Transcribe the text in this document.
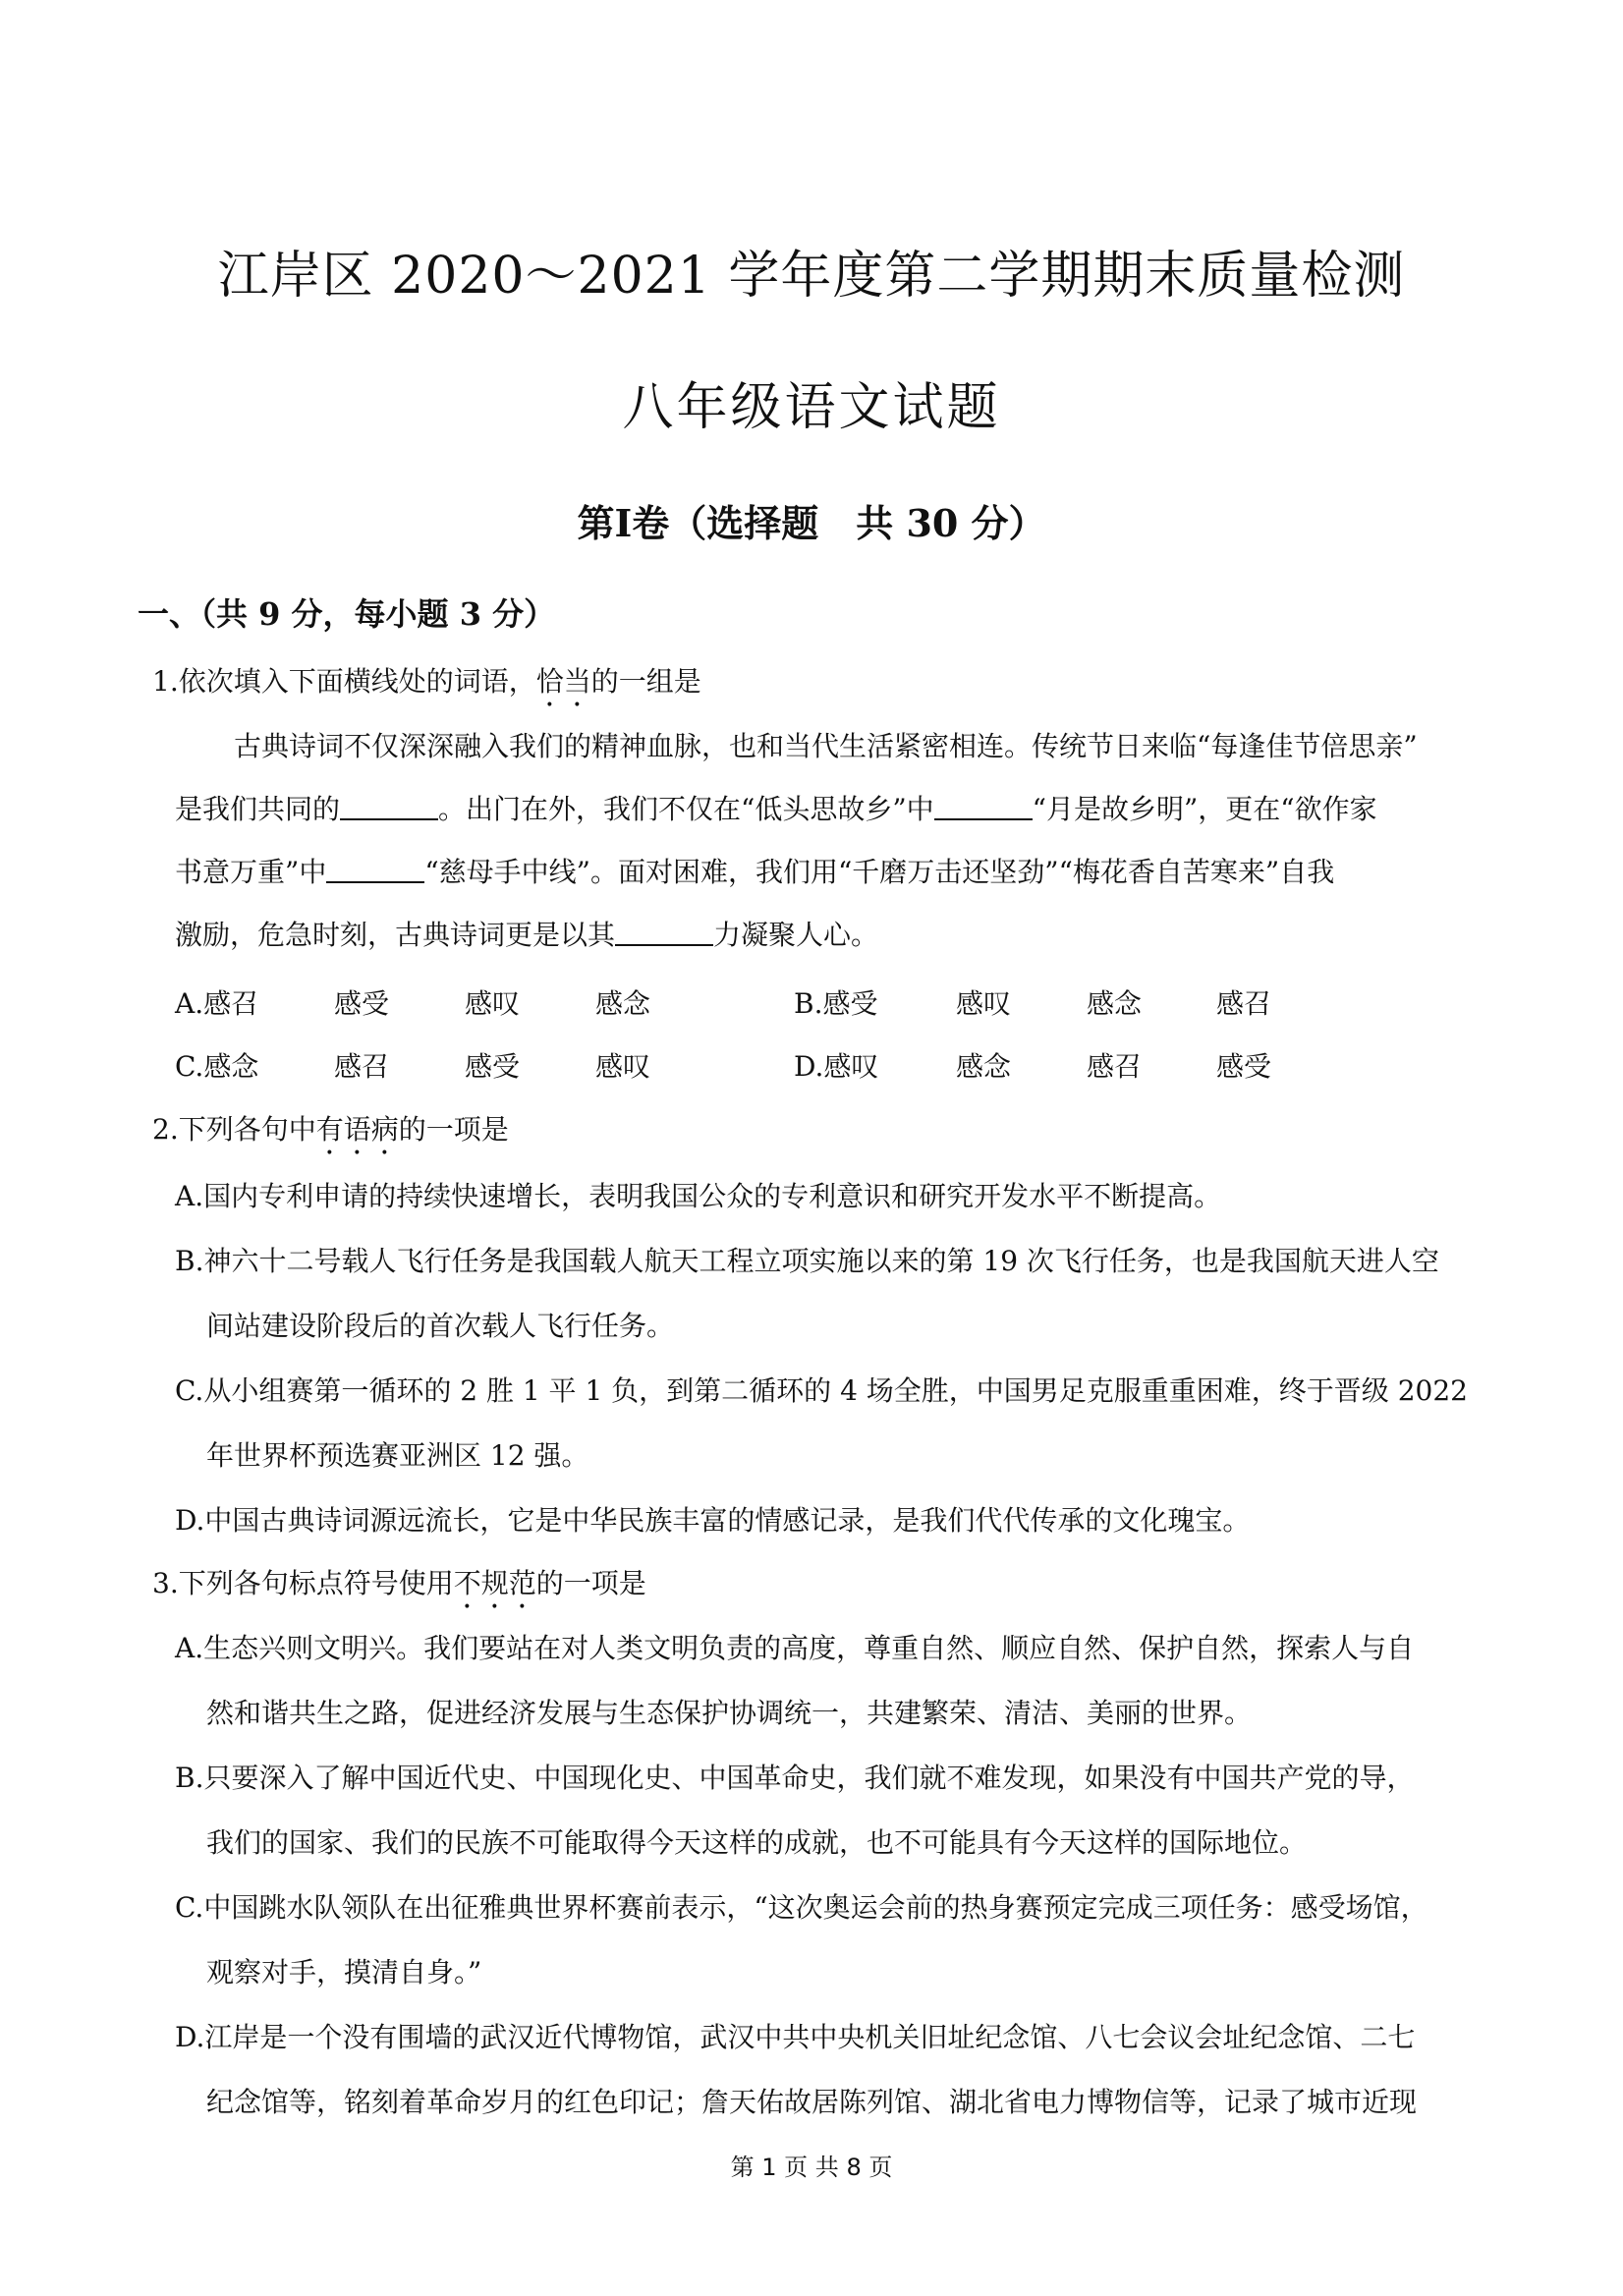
江岸区 2020～2021 学年度第二学期期末质量检测
八年级语文试题
第Ⅰ卷（选择题　共 30 分）
一、（共 9 分，每小题 3 分）
1.依次填入下面横线处的词语，恰当的一组是
古典诗词不仅深深融入我们的精神血脉，也和当代生活紧密相连。传统节日来临“每逢佳节倍思亲”
是我们共同的	。出门在外，我们不仅在“低头思故乡”中	“月是故乡明”，更在“欲作家
书意万重”中	“慈母手中线”。面对困难，我们用“千磨万击还坚劲”“梅花香自苦寒来”自我
激励，危急时刻，古典诗词更是以其	力凝聚人心。
A.感召	感受	感叹	感念	B.感受	感叹	感念	感召
C.感念	感召	感受	感叹	D.感叹	感念	感召	感受
2.下列各句中有语病的一项是
A.国内专利申请的持续快速增长，表明我国公众的专利意识和研究开发水平不断提高。
B.神六十二号载人飞行任务是我国载人航天工程立项实施以来的第 19 次飞行任务，也是我国航天进人空
间站建设阶段后的首次载人飞行任务。
C.从小组赛第一循环的 2 胜 1 平 1 负，到第二循环的 4 场全胜，中国男足克服重重困难，终于晋级 2022
年世界杯预选赛亚洲区 12 强。
D.中国古典诗词源远流长，它是中华民族丰富的情感记录，是我们代代传承的文化瑰宝。
3.下列各句标点符号使用不规范的一项是
A.生态兴则文明兴。我们要站在对人类文明负责的高度，尊重自然、顺应自然、保护自然，探索人与自
然和谐共生之路，促进经济发展与生态保护协调统一，共建繁荣、清洁、美丽的世界。
B.只要深入了解中国近代史、中国现化史、中国革命史，我们就不难发现，如果没有中国共产党的导，
我们的国家、我们的民族不可能取得今天这样的成就，也不可能具有今天这样的国际地位。
C.中国跳水队领队在出征雅典世界杯赛前表示，“这次奥运会前的热身赛预定完成三项任务：感受场馆，
观察对手，摸清自身。”
D.江岸是一个没有围墙的武汉近代博物馆，武汉中共中央机关旧址纪念馆、八七会议会址纪念馆、二七
纪念馆等，铭刻着革命岁月的红色印记；詹天佑故居陈列馆、湖北省电力博物信等，记录了城市近现
第 1 页 共 8 页
